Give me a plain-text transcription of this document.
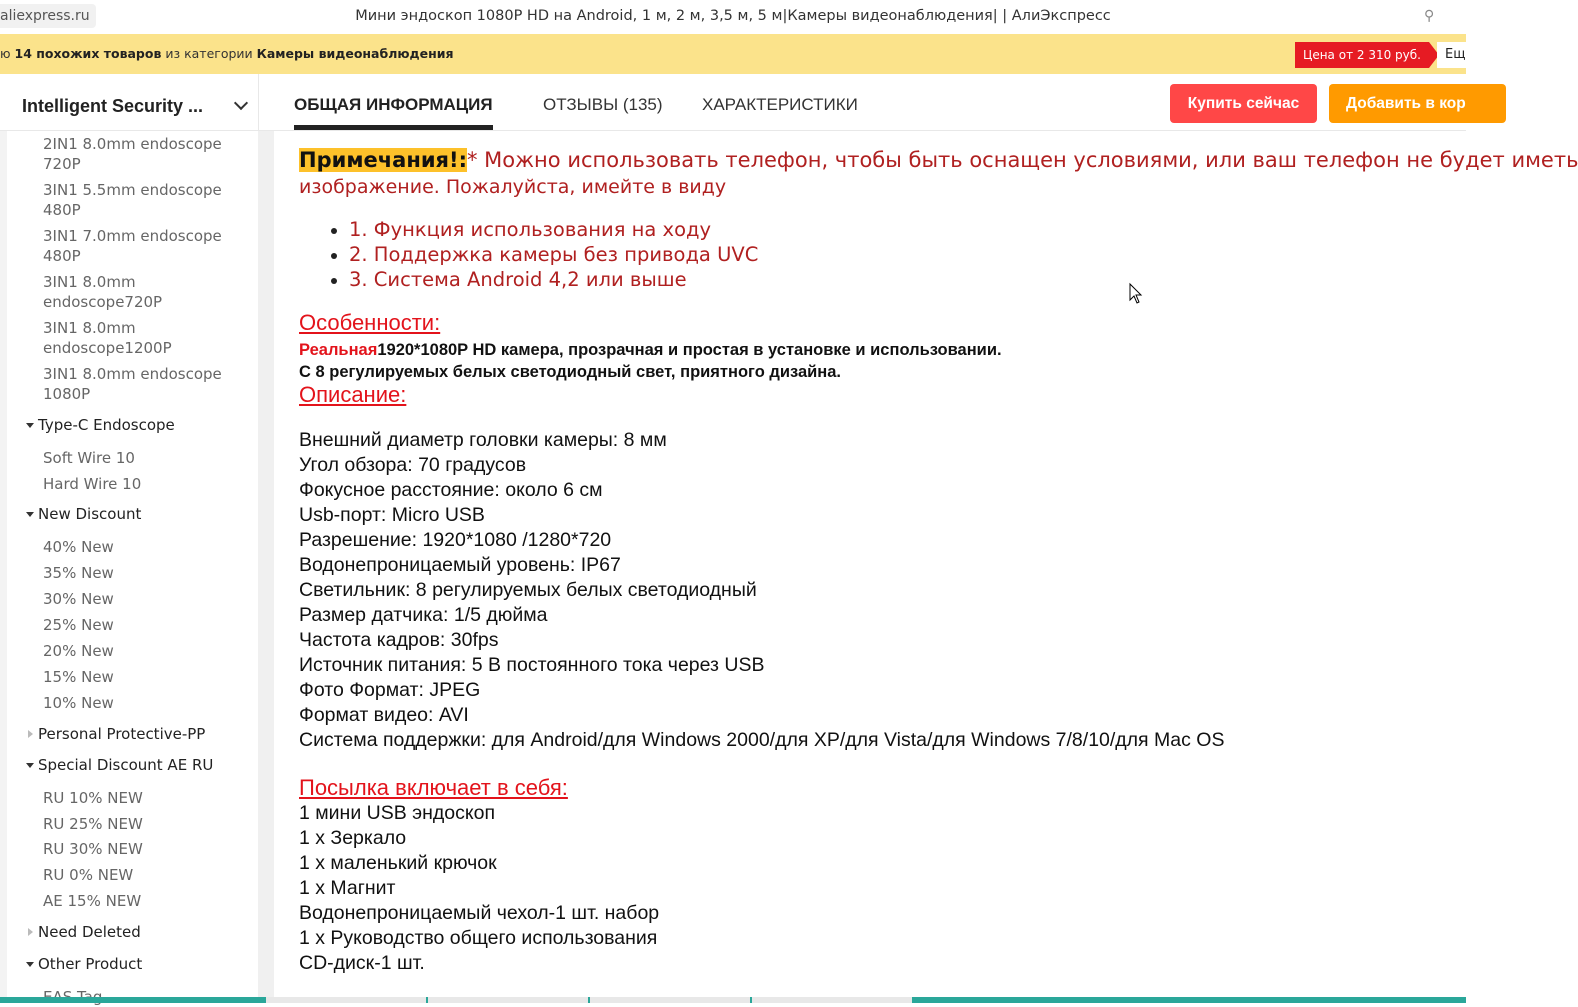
aliexpress.ru	Мини эндоскоп 1080P HD на Android, 1 м, 2 м, 3,5 м, 5 м|Камеры видеонаблюдения| | АлиЭкспресс	⚲
ю 14 похожих товаров из категории Камеры видеонаблюдения	Цена от 2 310 руб.	Ещ
Intelligent Security ...	ОБЩАЯ ИНФОРМАЦИЯ	ОТЗЫВЫ (135) ХАРАКТЕРИСТИКИ	Купить сейчас	Добавить в кор
2IN1 8.0mm endoscope 720P
3IN1 5.5mm endoscope 480P
3IN1 7.0mm endoscope 480P
3IN1 8.0mm endoscope720P
3IN1 8.0mm endoscope1200P
3IN1 8.0mm endoscope 1080P
Type-C Endoscope
Soft Wire 10
Hard Wire 10
New Discount
40% New
35% New
30% New
25% New
20% New
15% New
10% New
Personal Protective-PP
Special Discount AE RU
RU 10% NEW
RU 25% NEW
RU 30% NEW
RU 0% NEW
AE 15% NEW
Need Deleted
Other Product
Примечания!:* Можно использовать телефон, чтобы быть оснащен условиями, или ваш телефон не будет иметь
изображение. Пожалуйста, имейте в виду
1. Функция использования на ходу
2. Поддержка камеры без привода UVC
3. Система Android 4,2 или выше
Особенности:
Реальная1920*1080P HD камера, прозрачная и простая в установке и использовании.
С 8 регулируемых белых светодиодный свет, приятного дизайна.
Описание:
Внешний диаметр головки камеры: 8 мм
Угол обзора: 70 градусов
Фокусное расстояние: около 6 см
Usb-порт: Micro USB
Разрешение: 1920*1080 /1280*720
Водонепроницаемый уровень: IP67
Светильник: 8 регулируемых белых светодиодный
Размер датчика: 1/5 дюйма
Частота кадров: 30fps
Источник питания: 5 В постоянного тока через USB
Фото Формат: JPEG
Формат видео: AVI
Система поддержки: для Android/для Windows 2000/для XP/для Vista/для Windows 7/8/10/для Mac OS
Посылка включает в себя:
1 мини USB эндоскоп
1 x Зеркало
1 x маленький крючок
1 x Магнит
Водонепроницаемый чехол-1 шт. набор
1 x Руководство общего использования
CD-диск-1 шт.
